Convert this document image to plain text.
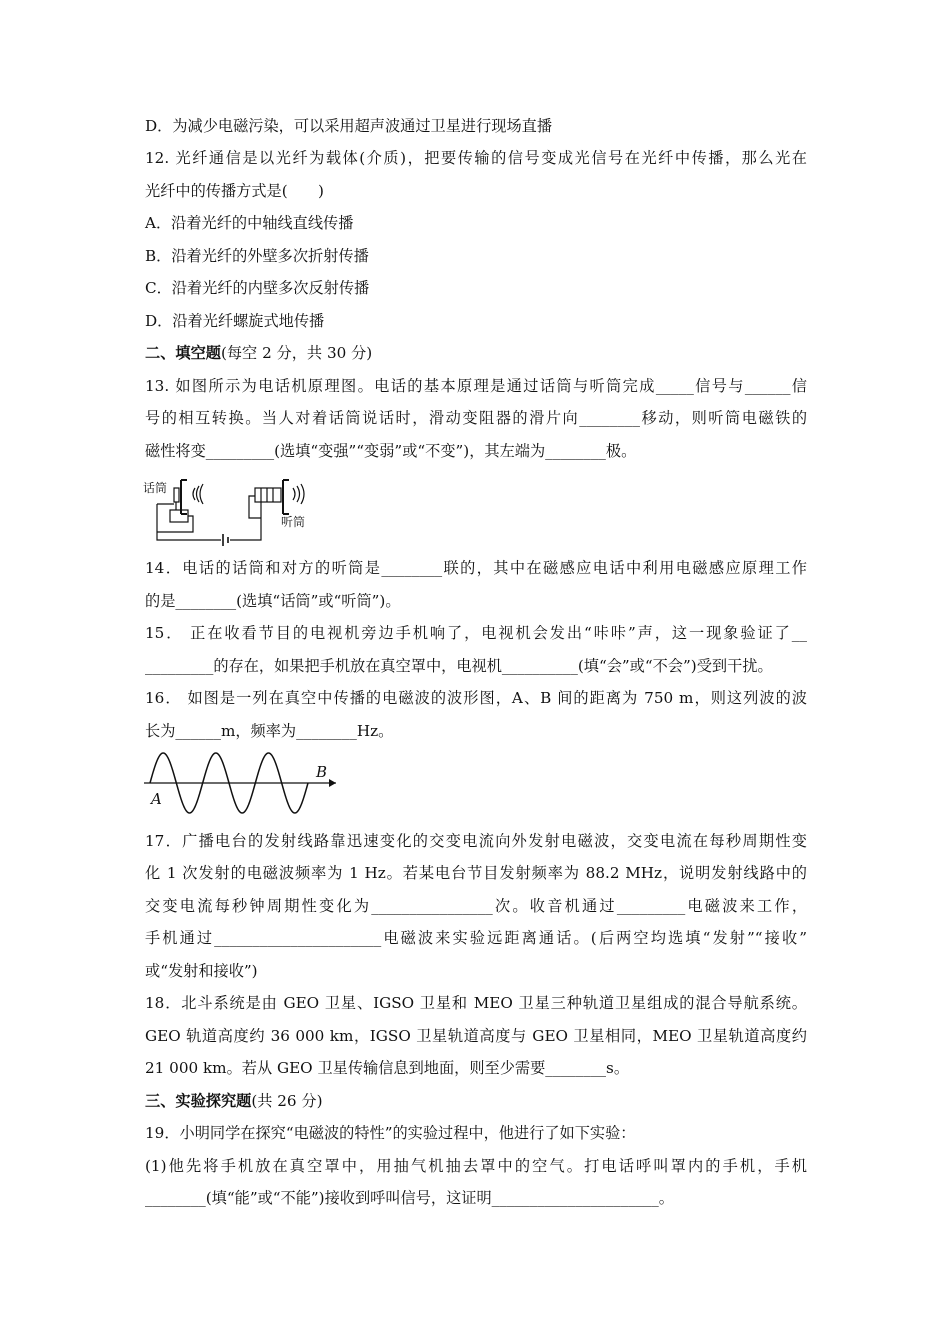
D．为减少电磁污染，可以采用超声波通过卫星进行现场直播
12. 光纤通信是以光纤为载体(介质)，把要传输的信号变成光信号在光纤中传播，那么光在
光纤中的传播方式是(　　)
A．沿着光纤的中轴线直线传播
B．沿着光纤的外壁多次折射传播
C．沿着光纤的内壁多次反射传播
D．沿着光纤螺旋式地传播
二、填空题(每空 2 分，共 30 分)
13. 如图所示为电话机原理图。电话的基本原理是通过话筒与听筒完成_____信号与______信
号的相互转换。当人对着话筒说话时，滑动变阻器的滑片向________移动，则听筒电磁铁的
磁性将变_________(选填“变强”“变弱”或“不变”)，其左端为________极。
话筒
听筒
14．电话的话筒和对方的听筒是________联的，其中在磁感应电话中利用电磁感应原理工作
的是________(选填“话筒”或“听筒”)。
15． 正在收看节目的电视机旁边手机响了，电视机会发出“咔咔”声，这一现象验证了__
_________的存在，如果把手机放在真空罩中，电视机__________(填“会”或“不会”)受到干扰。
16． 如图是一列在真空中传播的电磁波的波形图，A、B 间的距离为 750 m，则这列波的波
长为______m，频率为________Hz。
A
B
17．广播电台的发射线路靠迅速变化的交变电流向外发射电磁波，交变电流在每秒周期性变
化 1 次发射的电磁波频率为 1 Hz。若某电台节目发射频率为 88.2 MHz，说明发射线路中的
交变电流每秒钟周期性变化为________________次。收音机通过_________电磁波来工作，
手机通过______________________电磁波来实验远距离通话。(后两空均选填“发射”“接收”
或“发射和接收”)
18．北斗系统是由 GEO 卫星、IGSO 卫星和 MEO 卫星三种轨道卫星组成的混合导航系统。
GEO 轨道高度约 36 000 km，IGSO 卫星轨道高度与 GEO 卫星相同，MEO 卫星轨道高度约
21 000 km。若从 GEO 卫星传输信息到地面，则至少需要________s。
三、实验探究题(共 26 分)
19．小明同学在探究“电磁波的特性”的实验过程中，他进行了如下实验：
(1)他先将手机放在真空罩中，用抽气机抽去罩中的空气。打电话呼叫罩内的手机，手机
________(填“能”或“不能”)接收到呼叫信号，这证明______________________。
